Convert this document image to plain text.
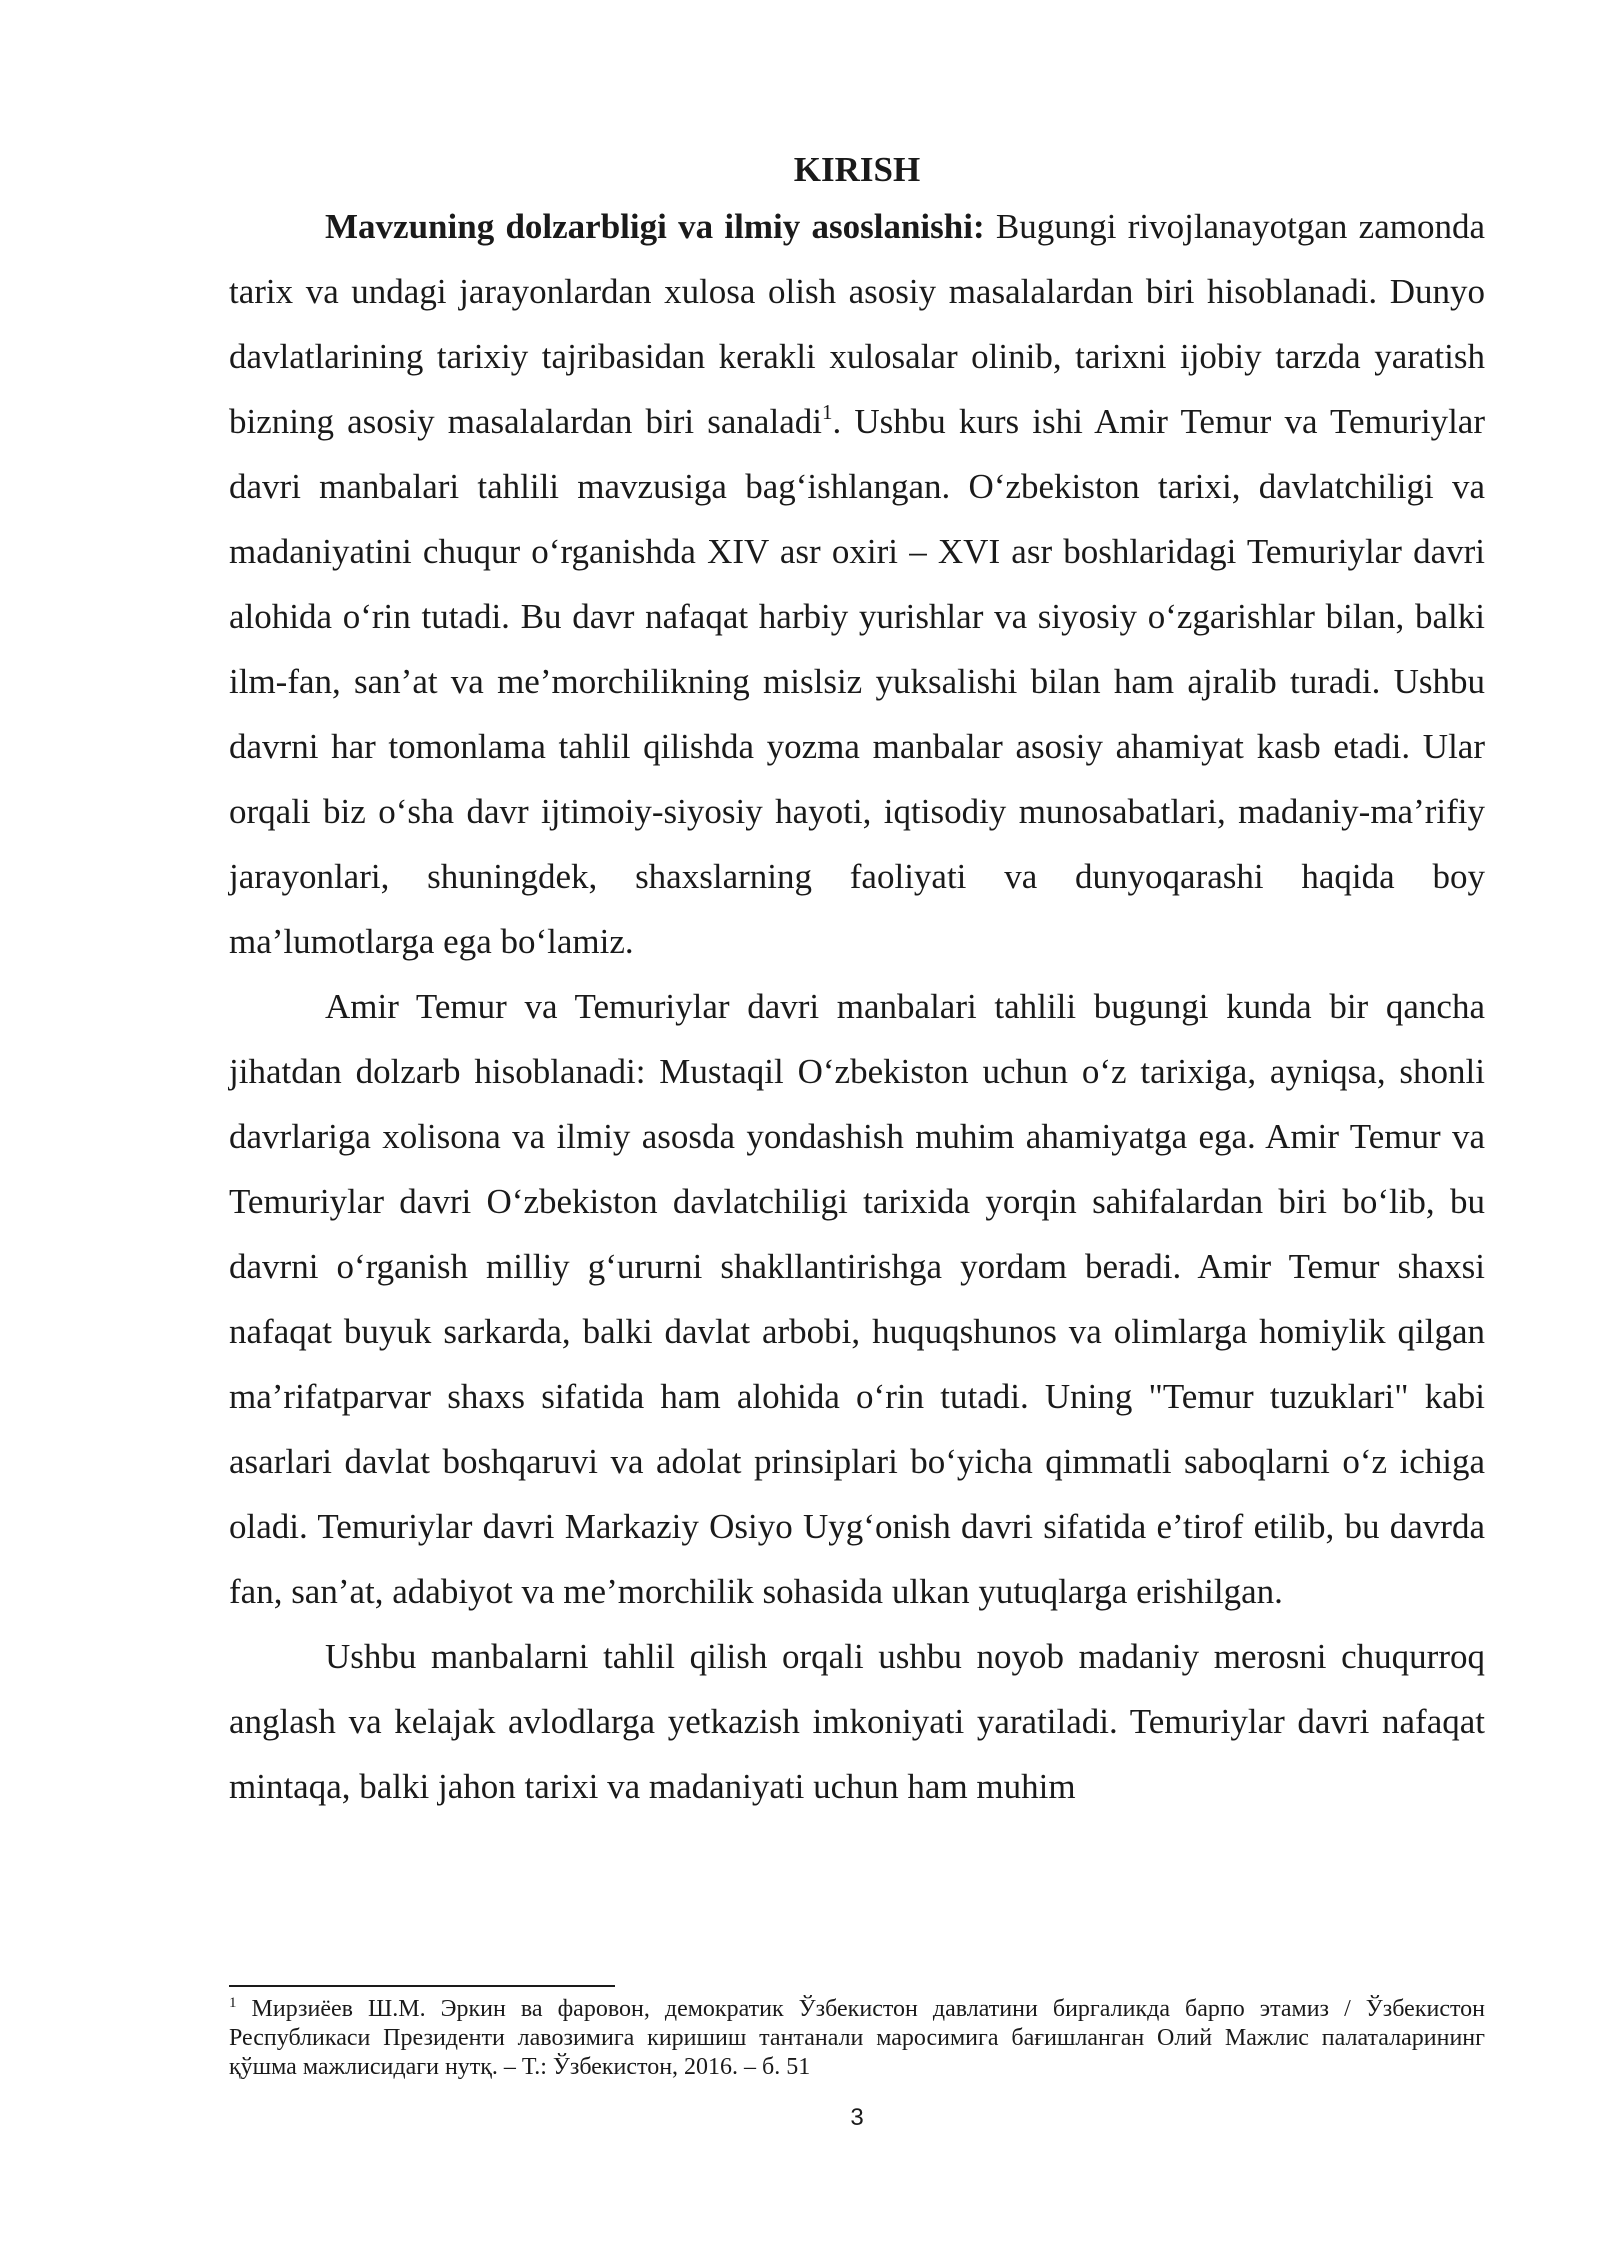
KIRISH

Mavzuning dolzarbligi va ilmiy asoslanishi: Bugungi rivojlanayotgan zamonda tarix va undagi jarayonlardan xulosa olish asosiy masalalardan biri hisoblanadi. Dunyo davlatlarining tarixiy tajribasidan kerakli xulosalar olinib, tarixni ijobiy tarzda yaratish bizning asosiy masalalardan biri sanaladi$^1$. Ushbu kurs ishi Amir Temur va Temuriylar davri manbalari tahlili mavzusiga bag‘ishlangan. O‘zbekiston tarixi, davlatchiligi va madaniyatini chuqur o‘rganishda XIV asr oxiri – XVI asr boshlaridagi Temuriylar davri alohida o‘rin tutadi. Bu davr nafaqat harbiy yurishlar va siyosiy o‘zgarishlar bilan, balki ilm-fan, san’at va me’morchilikning mislsiz yuksalishi bilan ham ajralib turadi. Ushbu davrni har tomonlama tahlil qilishda yozma manbalar asosiy ahamiyat kasb etadi. Ular orqali biz o‘sha davr ijtimoiy-siyosiy hayoti, iqtisodiy munosabatlari, madaniy-ma’rifiy jarayonlari, shuningdek, shaxslarning faoliyati va dunyoqarashi haqida boy ma’lumotlarga ega bo‘lamiz.

Amir Temur va Temuriylar davri manbalari tahlili bugungi kunda bir qancha jihatdan dolzarb hisoblanadi: Mustaqil O‘zbekiston uchun o‘z tarixiga, ayniqsa, shonli davrlariga xolisona va ilmiy asosda yondashish muhim ahamiyatga ega. Amir Temur va Temuriylar davri O‘zbekiston davlatchiligi tarixida yorqin sahifalardan biri bo‘lib, bu davrni o‘rganish milliy g‘ururni shakllantirishga yordam beradi. Amir Temur shaxsi nafaqat buyuk sarkarda, balki davlat arbobi, huquqshunos va olimlarga homiylik qilgan ma’rifatparvar shaxs sifatida ham alohida o‘rin tutadi. Uning "Temur tuzuklari" kabi asarlari davlat boshqaruvi va adolat prinsiplari bo‘yicha qimmatli saboqlarni o‘z ichiga oladi. Temuriylar davri Markaziy Osiyo Uyg‘onish davri sifatida e’tirof etilib, bu davrda fan, san’at, adabiyot va me’morchilik sohasida ulkan yutuqlarga erishilgan.

Ushbu manbalarni tahlil qilish orqali ushbu noyob madaniy merosni chuqurroq anglash va kelajak avlodlarga yetkazish imkoniyati yaratiladi. Temuriylar davri nafaqat mintaqa, balki jahon tarixi va madaniyati uchun ham muhim

$^1$ Мирзиёев Ш.М. Эркин ва фаровон, демократик Ўзбекистон давлатини биргаликда барпо этамиз / Ўзбекистон Республикаси Президенти лавозимига киришиш тантанали маросимига бағишланган Олий Мажлис палаталарининг қўшма мажлисидаги нутқ. – Т.: Ўзбекистон, 2016. – б. 51
3
